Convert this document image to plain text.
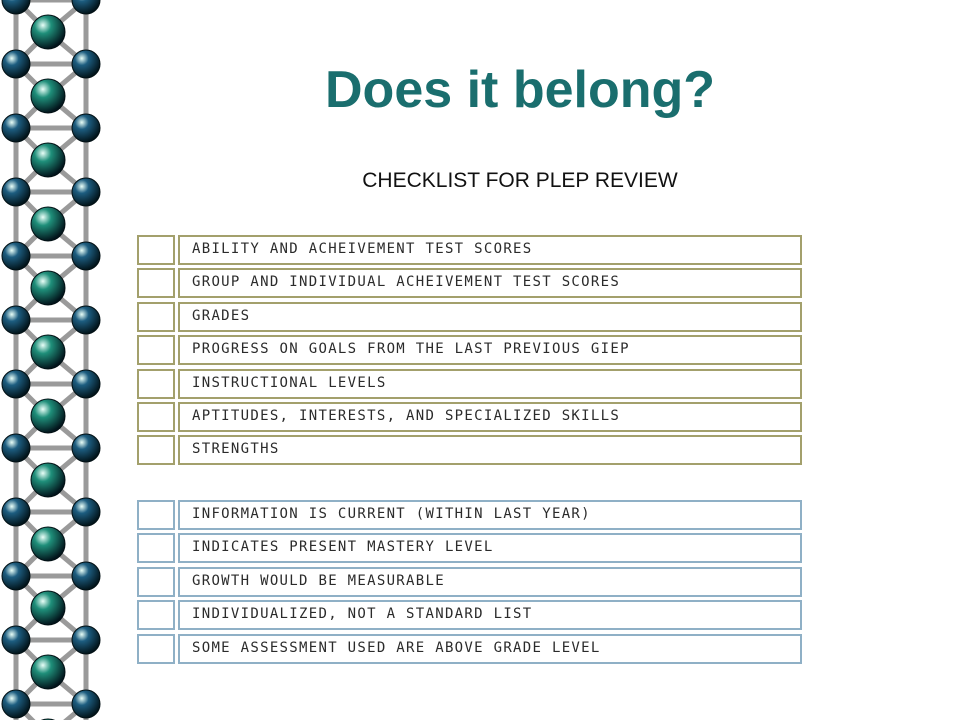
Does it belong?
CHECKLIST FOR PLEP REVIEW
ABILITY AND ACHEIVEMENT TEST SCORES
GROUP AND INDIVIDUAL ACHEIVEMENT TEST SCORES
GRADES
PROGRESS ON GOALS FROM THE LAST PREVIOUS GIEP
INSTRUCTIONAL LEVELS
APTITUDES, INTERESTS, AND SPECIALIZED SKILLS
STRENGTHS
INFORMATION IS CURRENT (WITHIN LAST YEAR)
INDICATES PRESENT MASTERY LEVEL
GROWTH WOULD BE MEASURABLE
INDIVIDUALIZED, NOT A STANDARD LIST
SOME ASSESSMENT USED ARE ABOVE GRADE LEVEL
